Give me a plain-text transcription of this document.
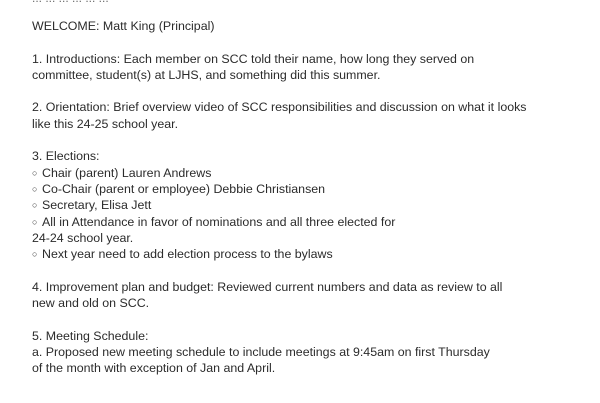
WELCOME: Matt King (Principal)
1. Introductions: Each member on SCC told their name, how long they served on
committee, student(s) at LJHS, and something did this summer.
2. Orientation: Brief overview video of SCC responsibilities and discussion on what it looks
like this 24-25 school year.
3. Elections:
○ Chair (parent) Lauren Andrews
○ Co-Chair (parent or employee) Debbie Christiansen
○ Secretary, Elisa Jett
○ All in Attendance in favor of nominations and all three elected for
24-24 school year.
○ Next year need to add election process to the bylaws
4. Improvement plan and budget: Reviewed current numbers and data as review to all
new and old on SCC.
5. Meeting Schedule:
a. Proposed new meeting schedule to include meetings at 9:45am on first Thursday
of the month with exception of Jan and April.
